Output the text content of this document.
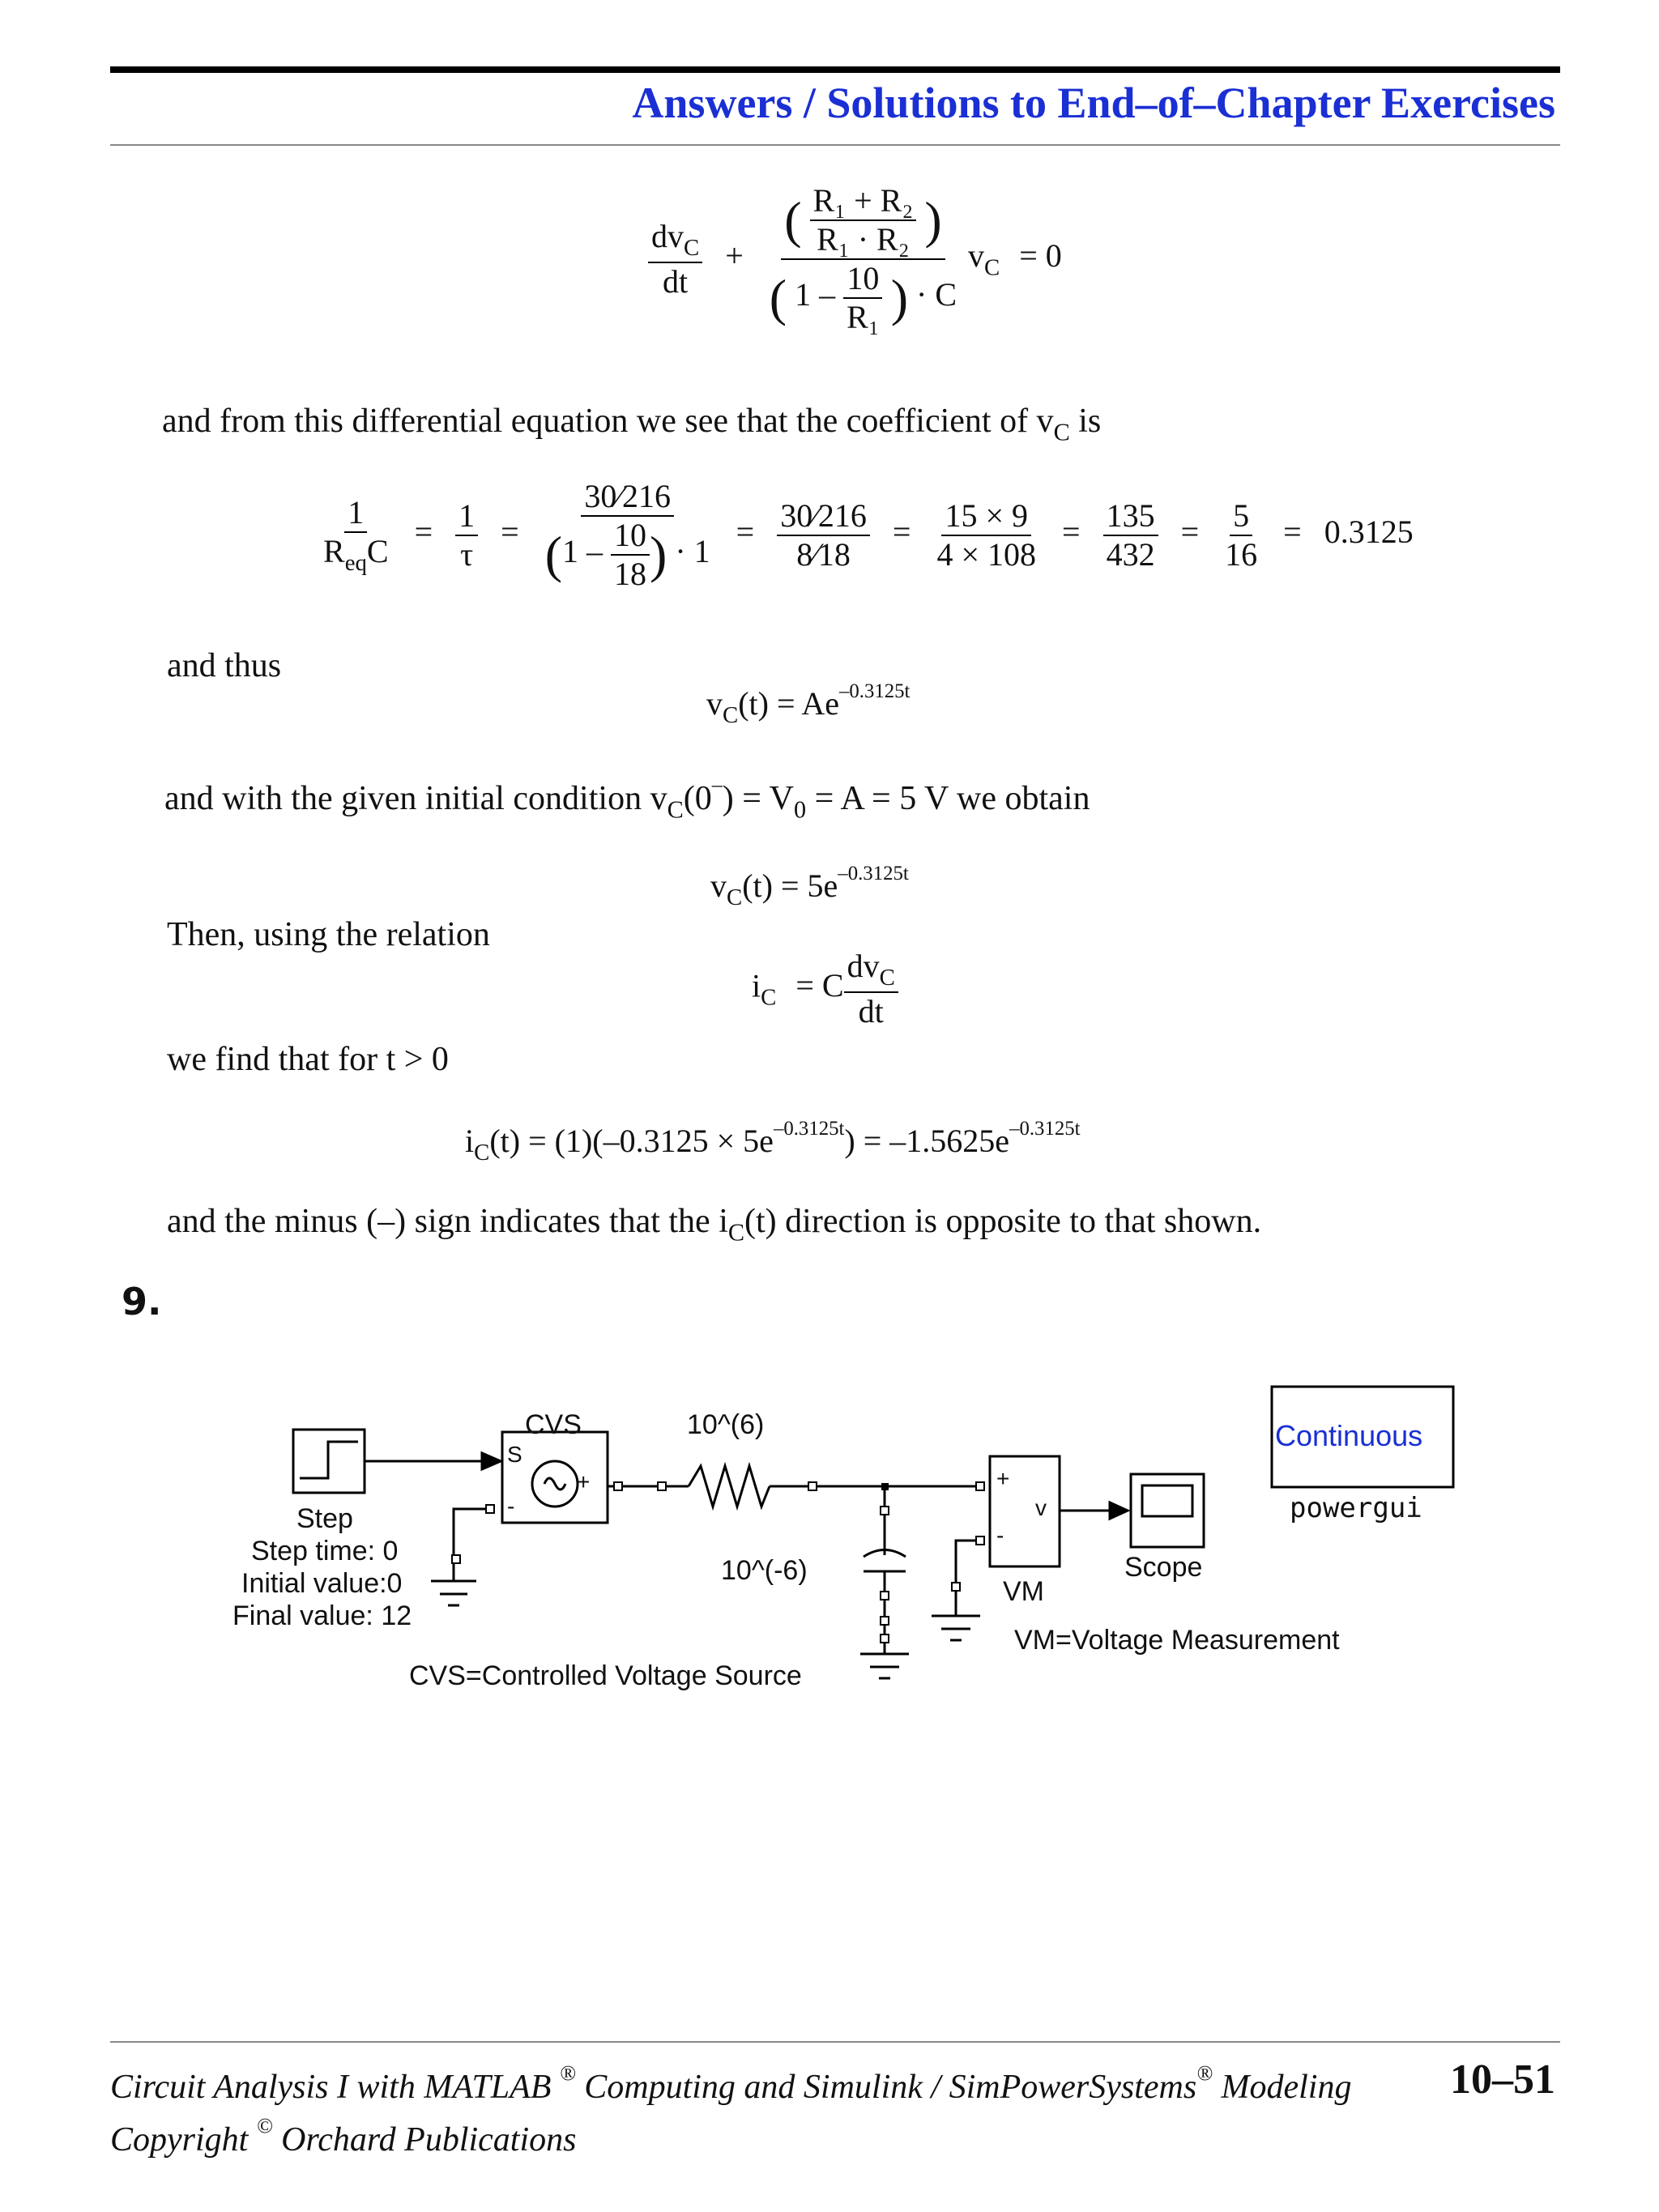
Answers / Solutions to End–of–Chapter Exercises
$\frac{dv_C}{dt}$ +
( $\frac{\text{R₁ + R₂}}{\text{R₁ · R₂}}$ )
( $1 - \frac{10}{\text{R₁}}$ ) · C
$v_C = 0$
and from this differential equation we see that the coefficient of $v_C$ is
$\frac{1}{R_{eq}C} = \frac{1}{\tau} = \frac{30⁄216}{(1 - \frac{10}{18} ) \cdot 1} = \frac{30⁄216}{8⁄18} = \frac{15 \times 9}{4 \times 108} = \frac{135}{432} = \frac{5}{16} = 0.3125$
and thus
$v_C(t) = Ae^{-0.3125t}$
and with the given initial condition $v_C(0^-) = V_0 = A = 5$ V we obtain
$v_C(t) = 5e^{-0.3125t}$
Then, using the relation
$i_C = C \frac{dv_C}{dt}$
we find that for t > 0
$i_C(t) = (1)(-0.3125 \times 5e^{-0.3125t}) = -1.5625e^{-0.3125t}$
and the minus (–) sign indicates that the $i_C(t)$ direction is opposite to that shown.
9.
CVS	10^(6)
10^(-6)
S
+
-
+
-
v
Step
Step time: 0
Initial value:0
Final value: 12
VM
Scope
Continuous
powergui
CVS=Controlled Voltage Source
VM=Voltage Measurement
Circuit Analysis I with MATLAB ® Computing and Simulink / SimPowerSystems® Modeling 10–51
Copyright © Orchard Publications
